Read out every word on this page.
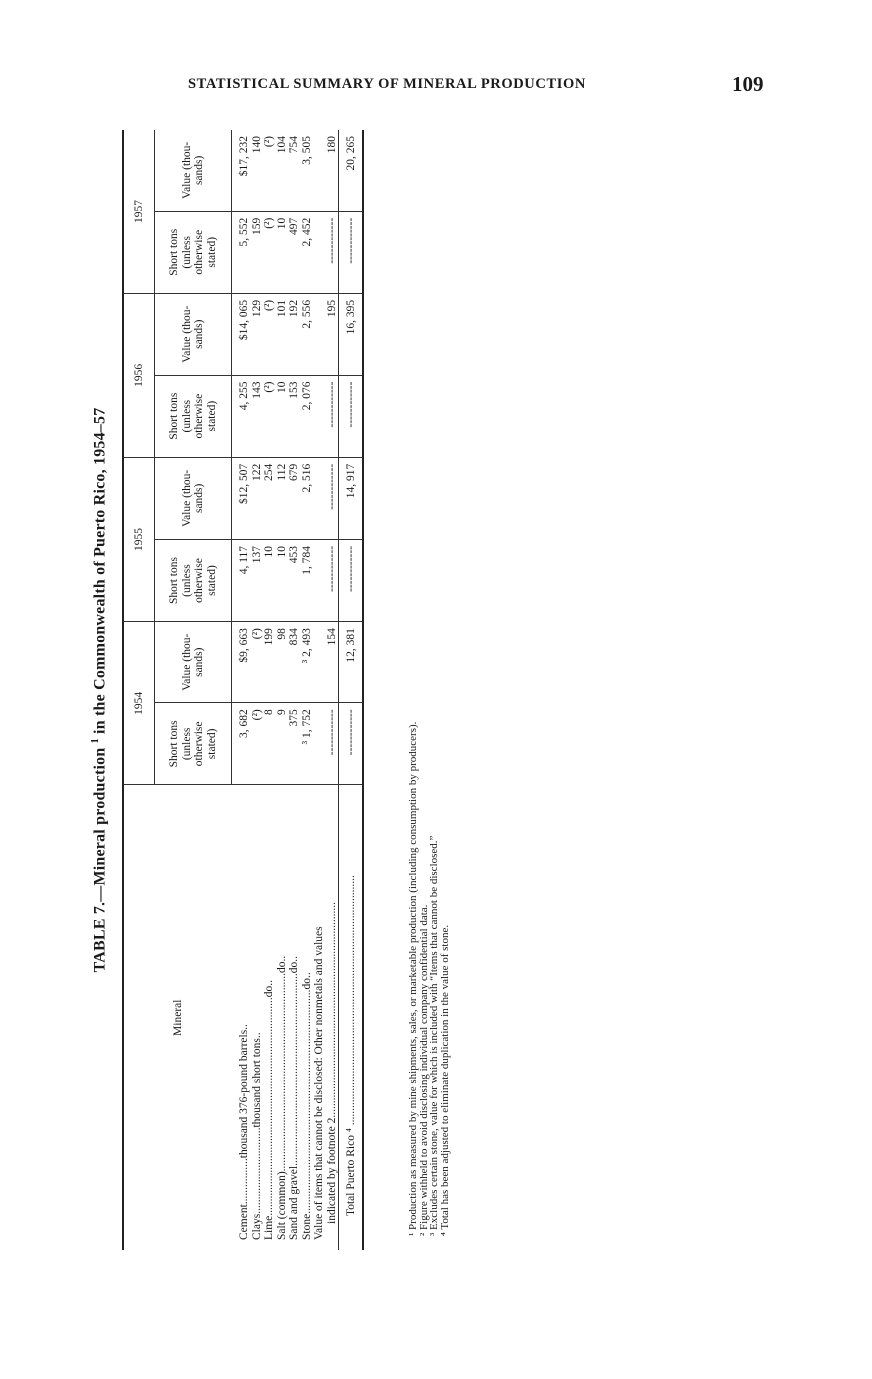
STATISTICAL SUMMARY OF MINERAL PRODUCTION	109
TABLE 7.—Mineral production $^1$ in the Commonwealth of Puerto Rico, 1954–57
Mineral	1954		1955		1956		1957	
	Short tons (unless otherwise stated)	Value (thou- sands)	Short tons (unless otherwise stated)	Value (thou- sands)	Short tons (unless otherwise stated)	Value (thou- sands)	Short tons (unless otherwise stated)	Value (thou- sands)
Cement................thousand 376-pound barrels..	3, 682	$9, 663	4, 117	$12, 507	4, 255	$14, 065	5, 552	$17, 232
Clays..............................thousand short tons..	(²)	(²)	137	122	143	129	159	140
Lime............................................................................do..	8	199	10	254	(²)	(²)	(²)	(²)
Salt (common).....................................................................do..	9	98	10	112	10	101	10	104
Sand and gravel...................................................................do..	375	834	453	679	153	192	497	754
Stone..............................................................................do..	³ 1, 752	³ 2, 493	1, 784	2, 516	2, 076	2, 556	2, 452	3, 505
Value of items that cannot be disclosed: Other nonmetals and values								
indicated by footnote 2...........................................................................	------------	154	------------	------------	------------	195	------------	180
Total Puerto Rico ⁴ .......................................................................................	------------	12, 381	------------	14, 917	------------	16, 395	------------	20, 265

¹ Production as measured by mine shipments, sales, or marketable production (including consumption by producers).
² Figure withheld to avoid disclosing individual company confidential data.
³ Excludes certain stone, value for which is included with “Items that cannot be disclosed.”
⁴ Total has been adjusted to eliminate duplication in the value of stone.
